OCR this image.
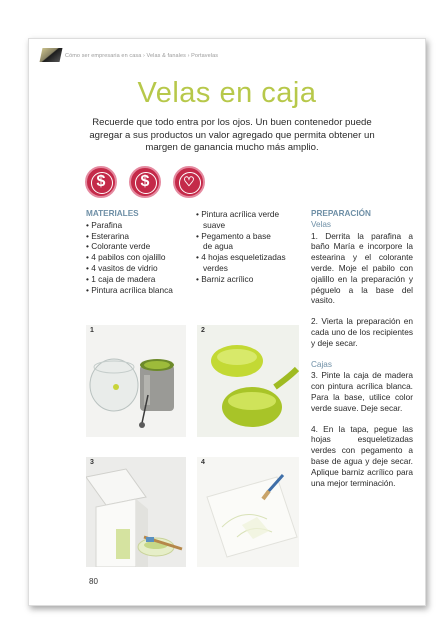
Cómo ser empresaria en casa › Velas & fanales › Portavelas
Velas en caja
Recuerde que todo entra por los ojos. Un buen contenedor puede agregar a sus productos un valor agregado que permita obtener un margen de ganancia mucho más amplio.
$	$	♡
MATERIALES
• Parafina
• Esterarina
• Colorante verde
• 4 pabilos con ojalillo
• 4 vasitos de vidrio
• 1 caja de madera
• Pintura acrílica blanca
• Pintura acrílica verde
suave
• Pegamento a base
de agua
• 4 hojas esqueletizadas
verdes
• Barniz acrílico
PREPARACIÓN
Velas
1. Derrita la parafina a baño María e incorpore la estearina y el colorante verde. Moje el pabilo con ojalillo en la preparación y péguelo a la base del vasito.
2. Vierta la preparación en cada uno de los recipientes y deje secar.
Cajas
3. Pinte la caja de madera con pintura acrílica blanca. Para la base, utilice color verde suave. Deje secar.
4. En la tapa, pegue las hojas esqueletizadas verdes con pegamento a base de agua y deje secar. Aplique barniz acrílico para una mejor terminación.
1	2
3	4
80
